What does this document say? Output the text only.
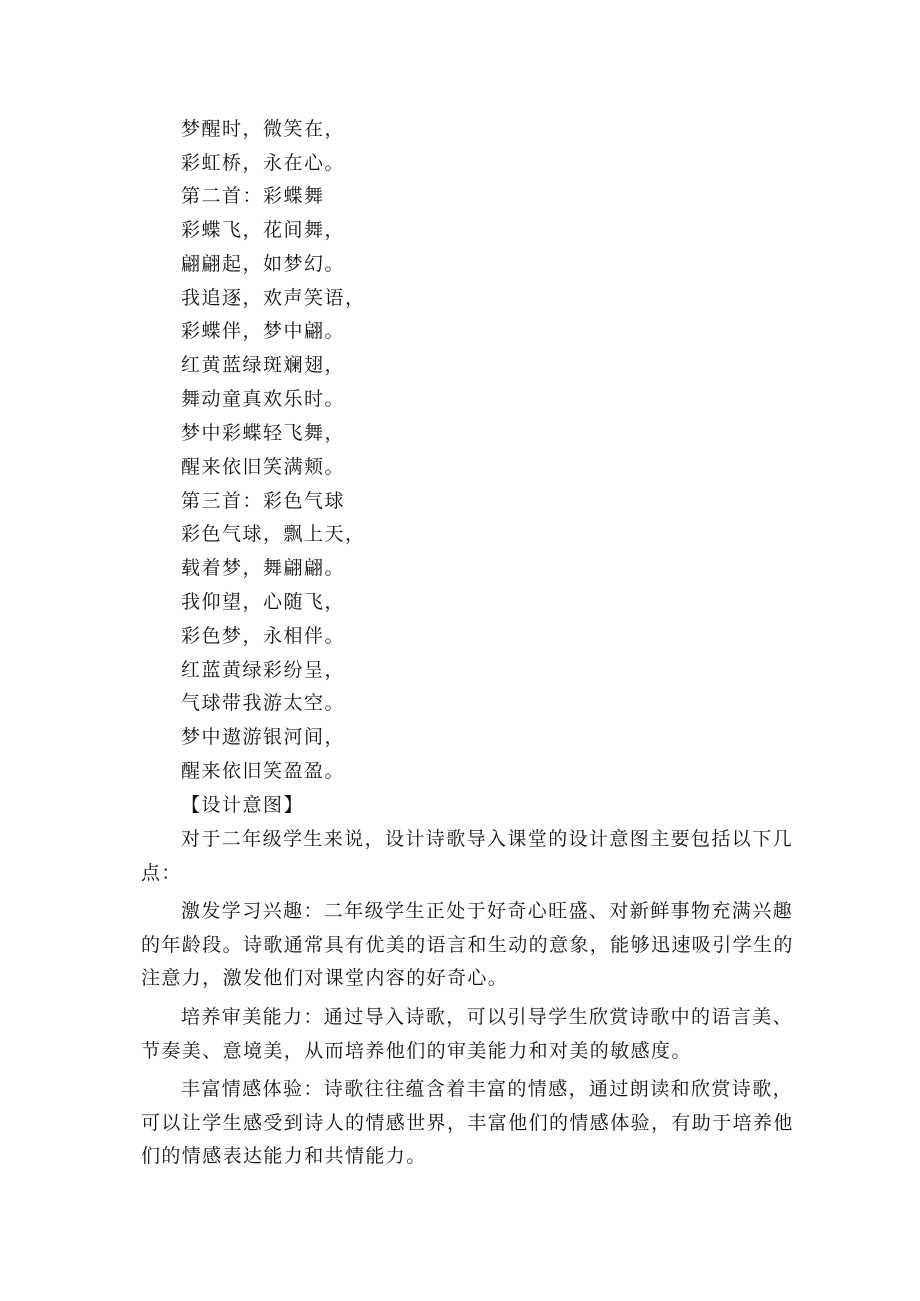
梦醒时，微笑在，
彩虹桥，永在心。
第二首：彩蝶舞
彩蝶飞，花间舞，
翩翩起，如梦幻。
我追逐，欢声笑语，
彩蝶伴，梦中翩。
红黄蓝绿斑斓翅，
舞动童真欢乐时。
梦中彩蝶轻飞舞，
醒来依旧笑满颊。
第三首：彩色气球
彩色气球，飘上天，
载着梦，舞翩翩。
我仰望，心随飞，
彩色梦，永相伴。
红蓝黄绿彩纷呈，
气球带我游太空。
梦中遨游银河间，
醒来依旧笑盈盈。
【设计意图】

对于二年级学生来说，设计诗歌导入课堂的设计意图主要包括以下几点：

激发学习兴趣：二年级学生正处于好奇心旺盛、对新鲜事物充满兴趣的年龄段。诗歌通常具有优美的语言和生动的意象，能够迅速吸引学生的注意力，激发他们对课堂内容的好奇心。

培养审美能力：通过导入诗歌，可以引导学生欣赏诗歌中的语言美、节奏美、意境美，从而培养他们的审美能力和对美的敏感度。

丰富情感体验：诗歌往往蕴含着丰富的情感，通过朗读和欣赏诗歌，可以让学生感受到诗人的情感世界，丰富他们的情感体验，有助于培养他们的情感表达能力和共情能力。
